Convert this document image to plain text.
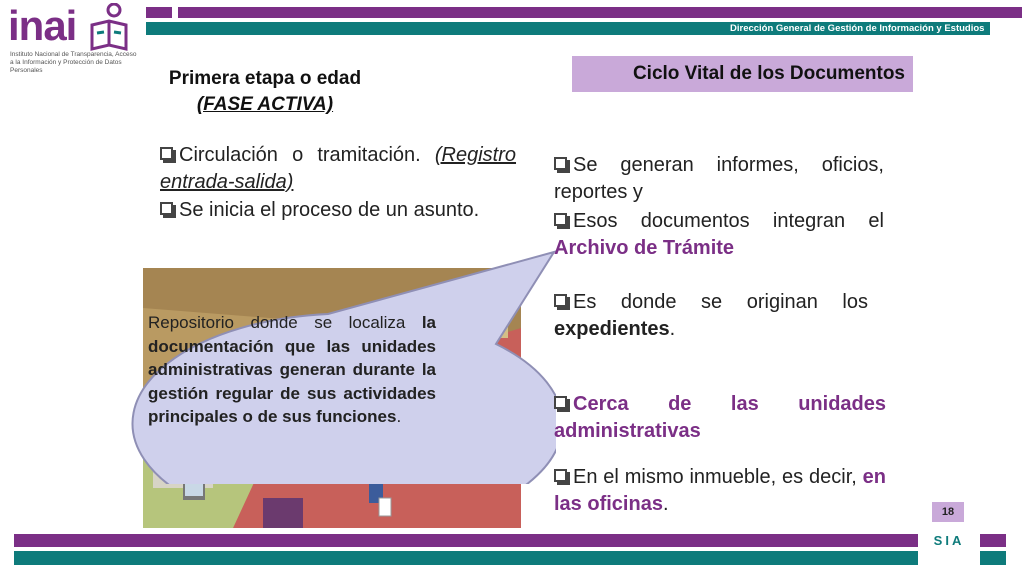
Dirección General de Gestión de Información y Estudios
inai
Instituto Nacional de Transparencia, Acceso a la Información y Protección de Datos Personales	Primera etapa o edad
(FASE ACTIVA)
Ciclo Vital de los Documentos
Circulación o tramitación. (Registro entrada-salida)
Se inicia el proceso de un asunto.
Repositorio donde se localiza la documentación que las unidades administrativas generan durante la gestión regular de sus actividades principales o de sus funciones.
Se generan informes, oficios, reportes y
Esos documentos integran el Archivo de Trámite
Es donde se originan los expedientes.
Cerca de las unidades administrativas
En el mismo inmueble, es decir, en las oficinas.	18
SIA
